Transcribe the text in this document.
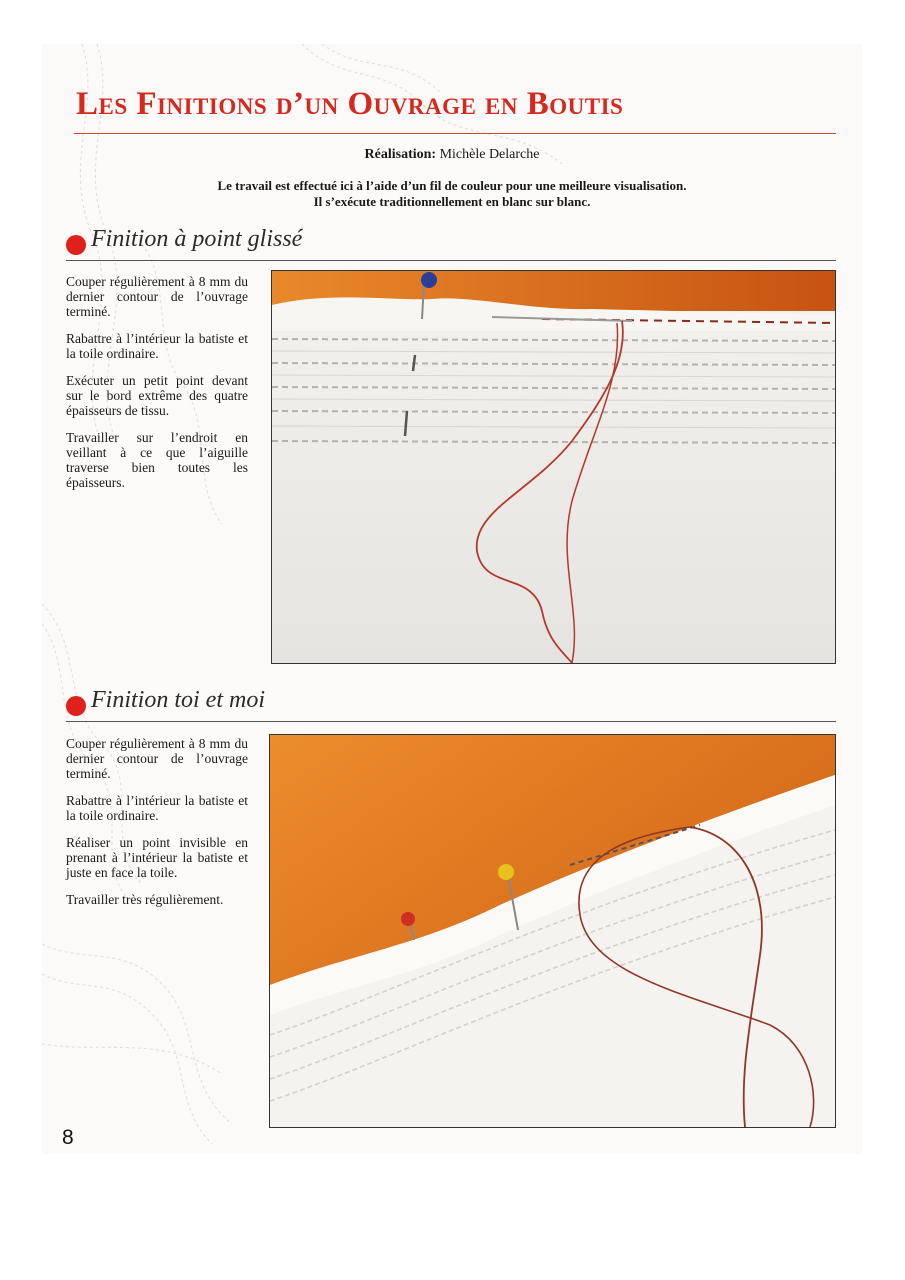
Les Finitions d’un Ouvrage en Boutis
Réalisation: Michèle Delarche
Le travail est effectué ici à l’aide d’un fil de couleur pour une meilleure visualisation.
Il s’exécute traditionnellement en blanc sur blanc.
Finition à point glissé

Couper régulièrement à 8 mm du dernier contour de l’ouvrage terminé.

Rabattre à l’intérieur la batiste et la toile ordinaire.

Exécuter un petit point devant sur le bord extrême des quatre épaisseurs de tissu.

Travailler sur l’endroit en veillant à ce que l’aiguille traverse bien toutes les épaisseurs.

Finition toi et moi

Couper régulièrement à 8 mm du dernier contour de l’ouvrage terminé.

Rabattre à l’intérieur la batiste et la toile ordinaire.

Réaliser un point invisible en prenant à l’intérieur la batiste et juste en face la toile.

Travailler très régulièrement.

8
